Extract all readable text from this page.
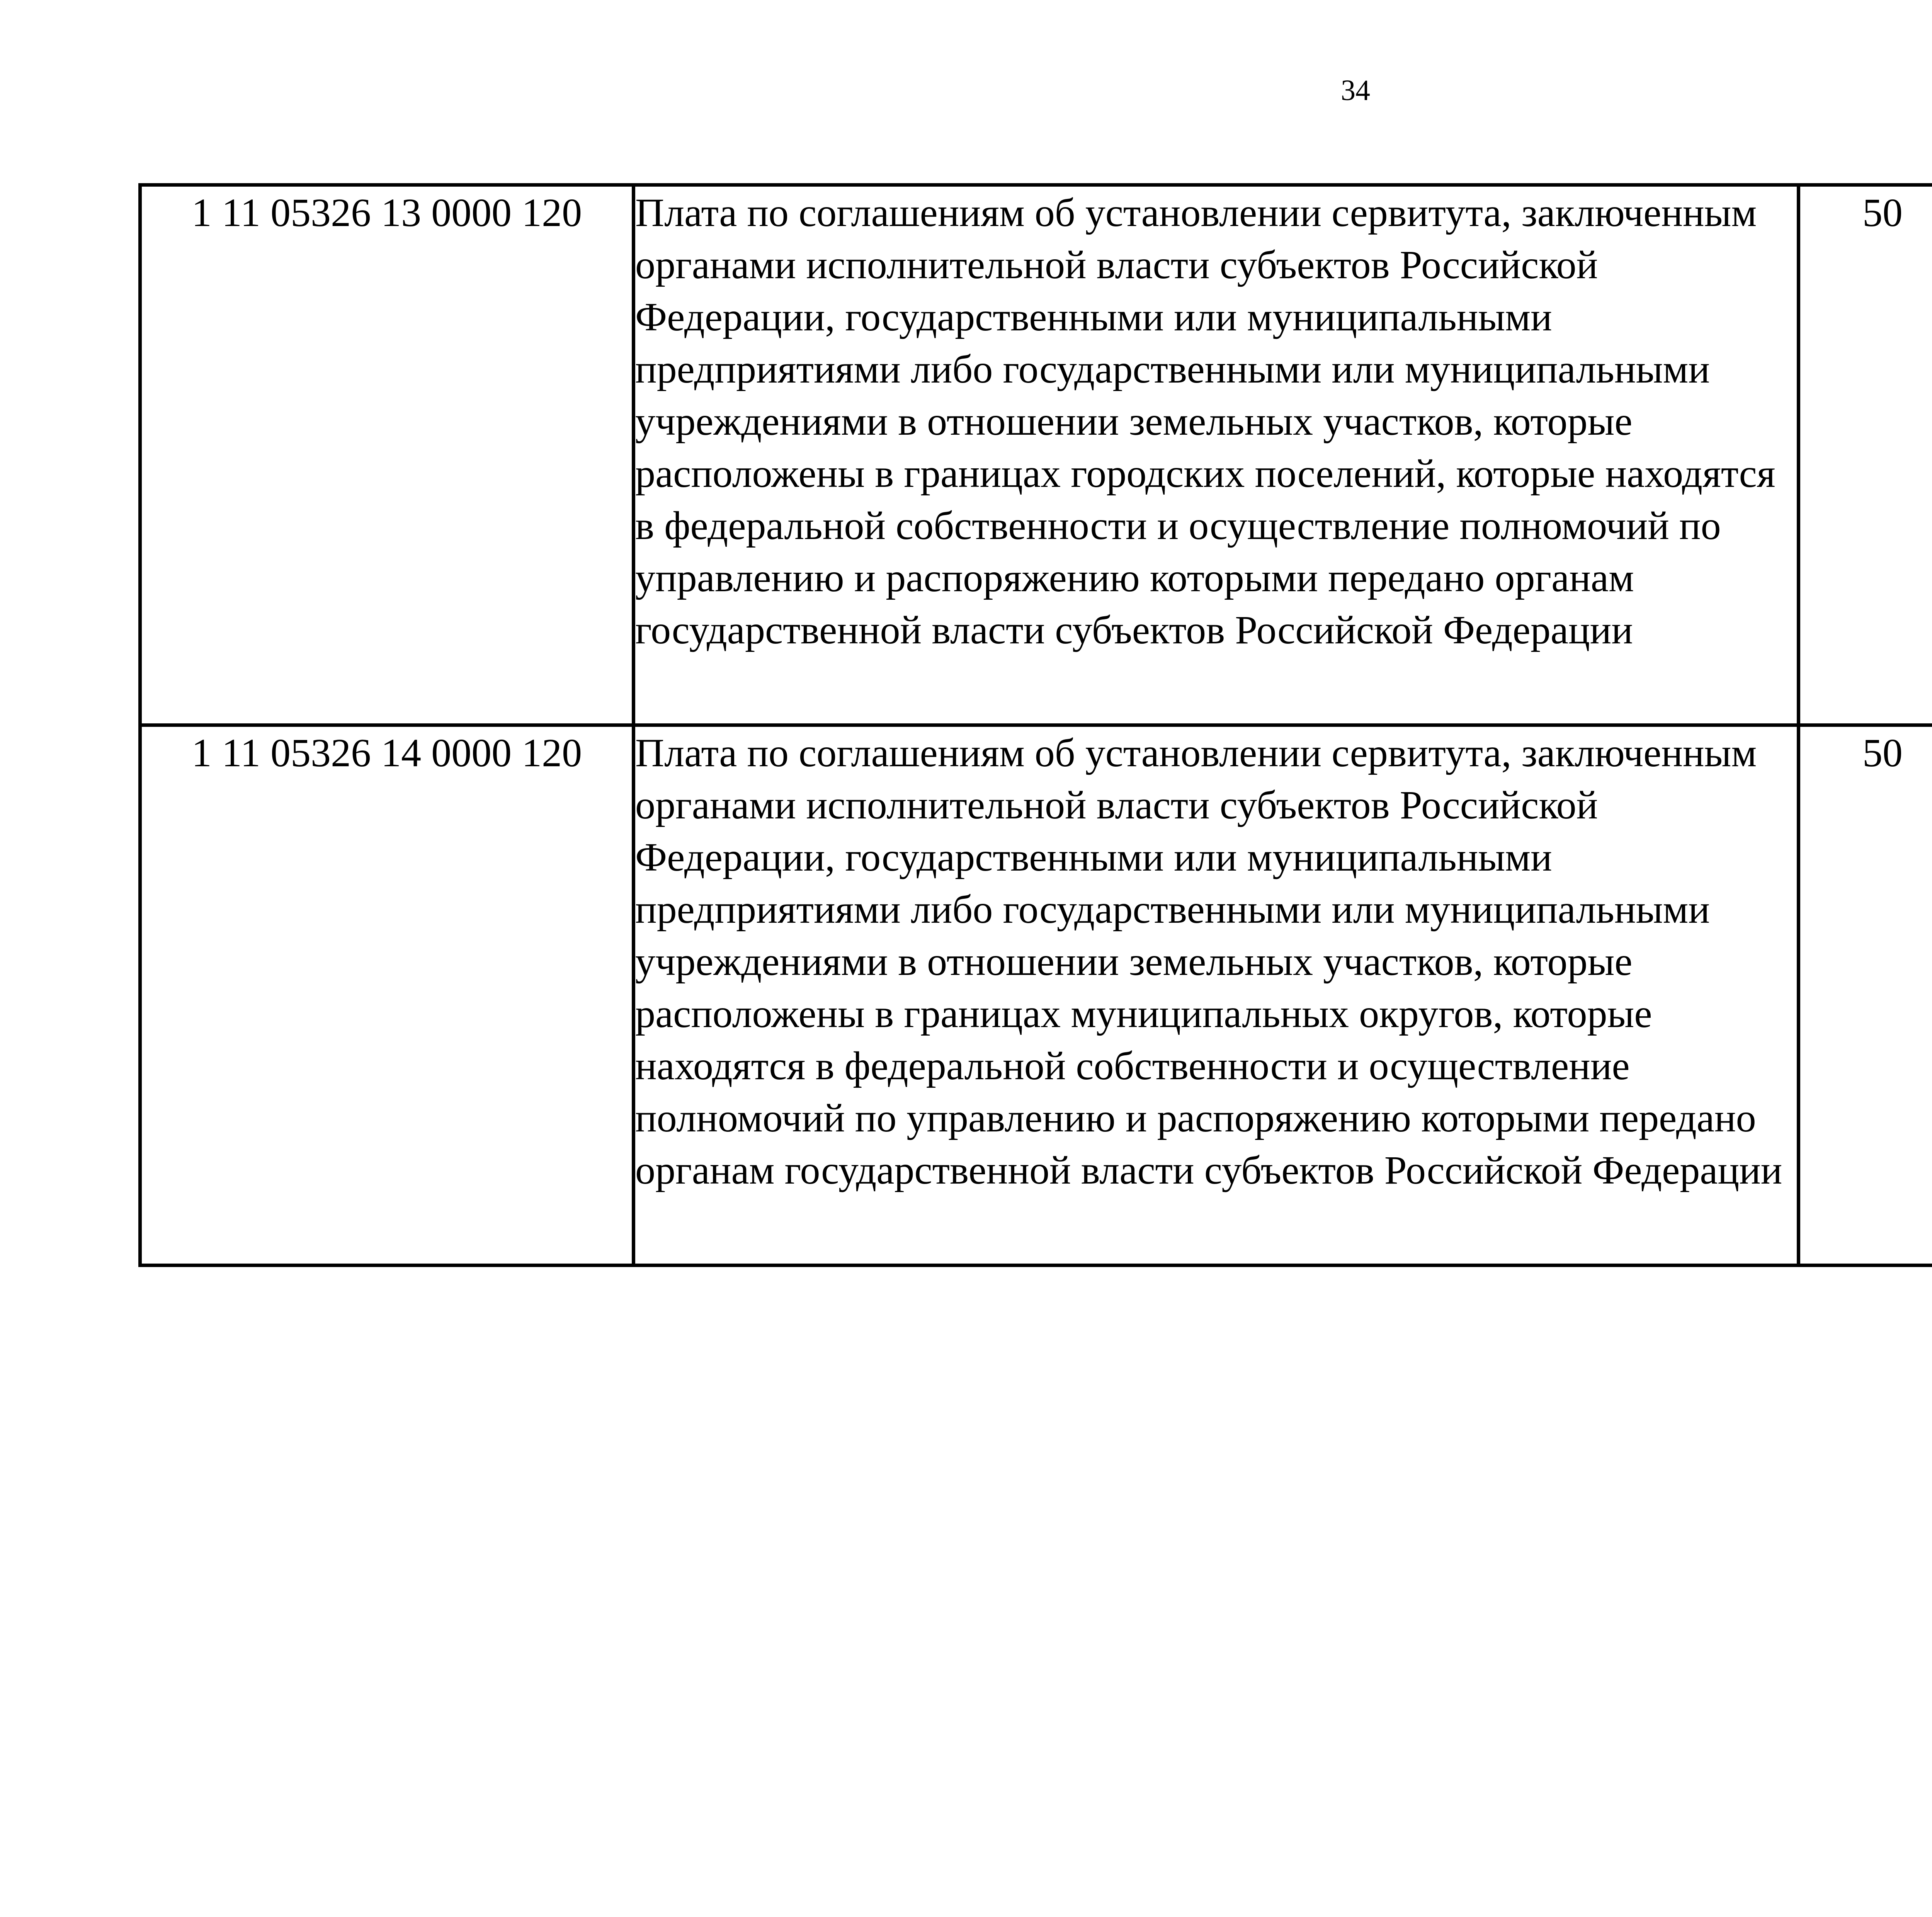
34
1 11 05326 13 0000 120	Плата по соглашениям об установлении сервитута, заключенным органами исполнительной власти субъектов Российской Федерации, государственными или муниципальными предприятиями либо государственными или муниципальными учреждениями в отношении земельных участков, которые расположены в границах городских поселений, которые находятся в федеральной собственности и осуществление полномочий по управлению и распоряжению которыми передано органам государственной власти субъектов Российской Федерации	50				
1 11 05326 14 0000 120	Плата по соглашениям об установлении сервитута, заключенным органами исполнительной власти субъектов Российской Федерации, государственными или муниципальными предприятиями либо государственными или муниципальными учреждениями в отношении земельных участков, которые расположены в границах муниципальных округов, которые находятся в федеральной собственности и осуществление полномочий по управлению и распоряжению которыми передано органам государственной власти субъектов Российской Федерации	50				
